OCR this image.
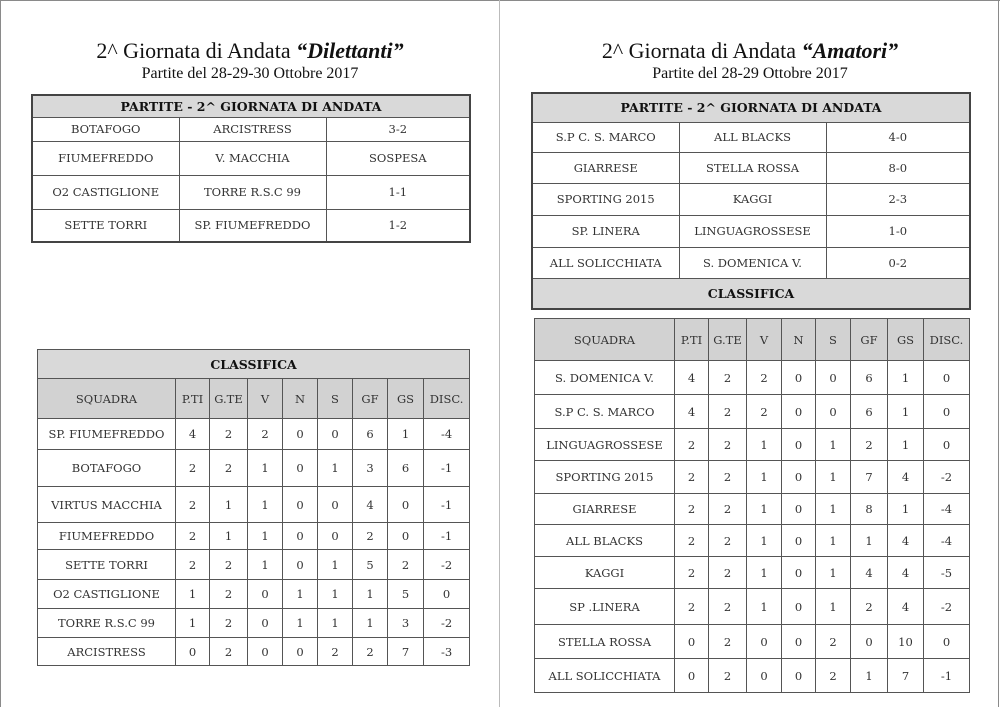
2^ Giornata di Andata “Dilettanti”
Partite del 28-29-30 Ottobre 2017
2^ Giornata di Andata “Amatori”
Partite del 28-29 Ottobre 2017
PARTITE - 2^ GIORNATA DI ANDATA		
BOTAFOGO	ARCISTRESS	3-2
FIUMEFREDDO	V. MACCHIA	SOSPESA
O2 CASTIGLIONE	TORRE R.S.C 99	1-1
SETTE TORRI	SP. FIUMEFREDDO	1-2
CLASSIFICA								
SQUADRA	P.TI	G.TE	V	N	S	GF	GS	DISC.
SP. FIUMEFREDDO	4	2	2	0	0	6	1	-4
BOTAFOGO	2	2	1	0	1	3	6	-1
VIRTUS MACCHIA	2	1	1	0	0	4	0	-1
FIUMEFREDDO	2	1	1	0	0	2	0	-1
SETTE TORRI	2	2	1	0	1	5	2	-2
O2 CASTIGLIONE	1	2	0	1	1	1	5	0
TORRE R.S.C 99	1	2	0	1	1	1	3	-2
ARCISTRESS	0	2	0	0	2	2	7	-3
PARTITE - 2^ GIORNATA DI ANDATA		
S.P C. S. MARCO	ALL BLACKS	4-0
GIARRESE	STELLA ROSSA	8-0
SPORTING 2015	KAGGI	2-3
SP. LINERA	LINGUAGROSSESE	1-0
ALL SOLICCHIATA	S. DOMENICA V.	0-2
CLASSIFICA		
SQUADRA	P.TI	G.TE	V	N	S	GF	GS	DISC.
S. DOMENICA V.	4	2	2	0	0	6	1	0
S.P C. S. MARCO	4	2	2	0	0	6	1	0
LINGUAGROSSESE	2	2	1	0	1	2	1	0
SPORTING 2015	2	2	1	0	1	7	4	-2
GIARRESE	2	2	1	0	1	8	1	-4
ALL BLACKS	2	2	1	0	1	1	4	-4
KAGGI	2	2	1	0	1	4	4	-5
SP .LINERA	2	2	1	0	1	2	4	-2
STELLA ROSSA	0	2	0	0	2	0	10	0
ALL SOLICCHIATA	0	2	0	0	2	1	7	-1
